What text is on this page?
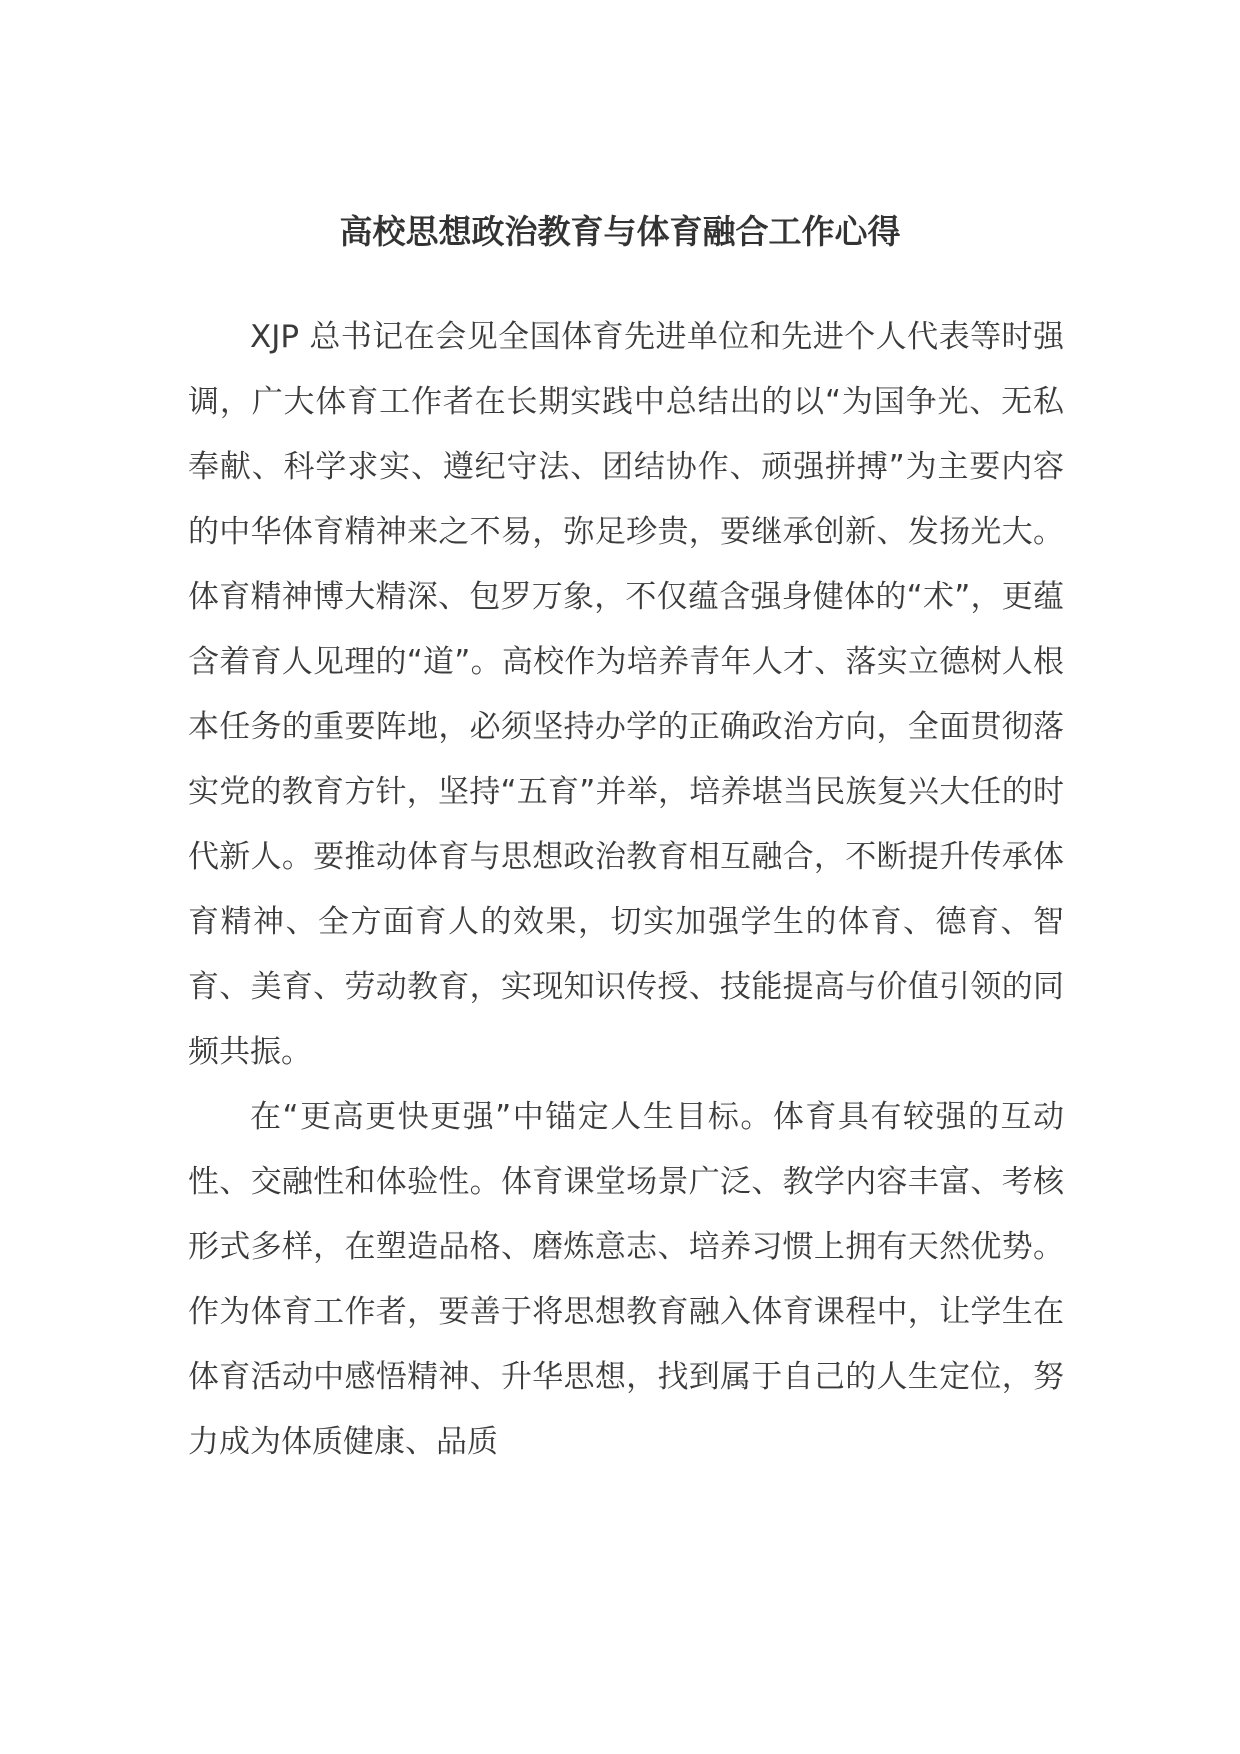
高校思想政治教育与体育融合工作心得

XJP 总书记在会见全国体育先进单位和先进个人代表等时强调，广大体育工作者在长期实践中总结出的以“为国争光、无私奉献、科学求实、遵纪守法、团结协作、顽强拼搏”为主要内容的中华体育精神来之不易，弥足珍贵，要继承创新、发扬光大。体育精神博大精深、包罗万象，不仅蕴含强身健体的“术”，更蕴含着育人见理的“道”。高校作为培养青年人才、落实立德树人根本任务的重要阵地，必须坚持办学的正确政治方向，全面贯彻落实党的教育方针，坚持“五育”并举，培养堪当民族复兴大任的时代新人。要推动体育与思想政治教育相互融合，不断提升传承体育精神、全方面育人的效果，切实加强学生的体育、德育、智育、美育、劳动教育，实现知识传授、技能提高与价值引领的同频共振。

在“更高更快更强”中锚定人生目标。体育具有较强的互动性、交融性和体验性。体育课堂场景广泛、教学内容丰富、考核形式多样，在塑造品格、磨炼意志、培养习惯上拥有天然优势。作为体育工作者，要善于将思想教育融入体育课程中，让学生在体育活动中感悟精神、升华思想，找到属于自己的人生定位，努力成为体质健康、品质
